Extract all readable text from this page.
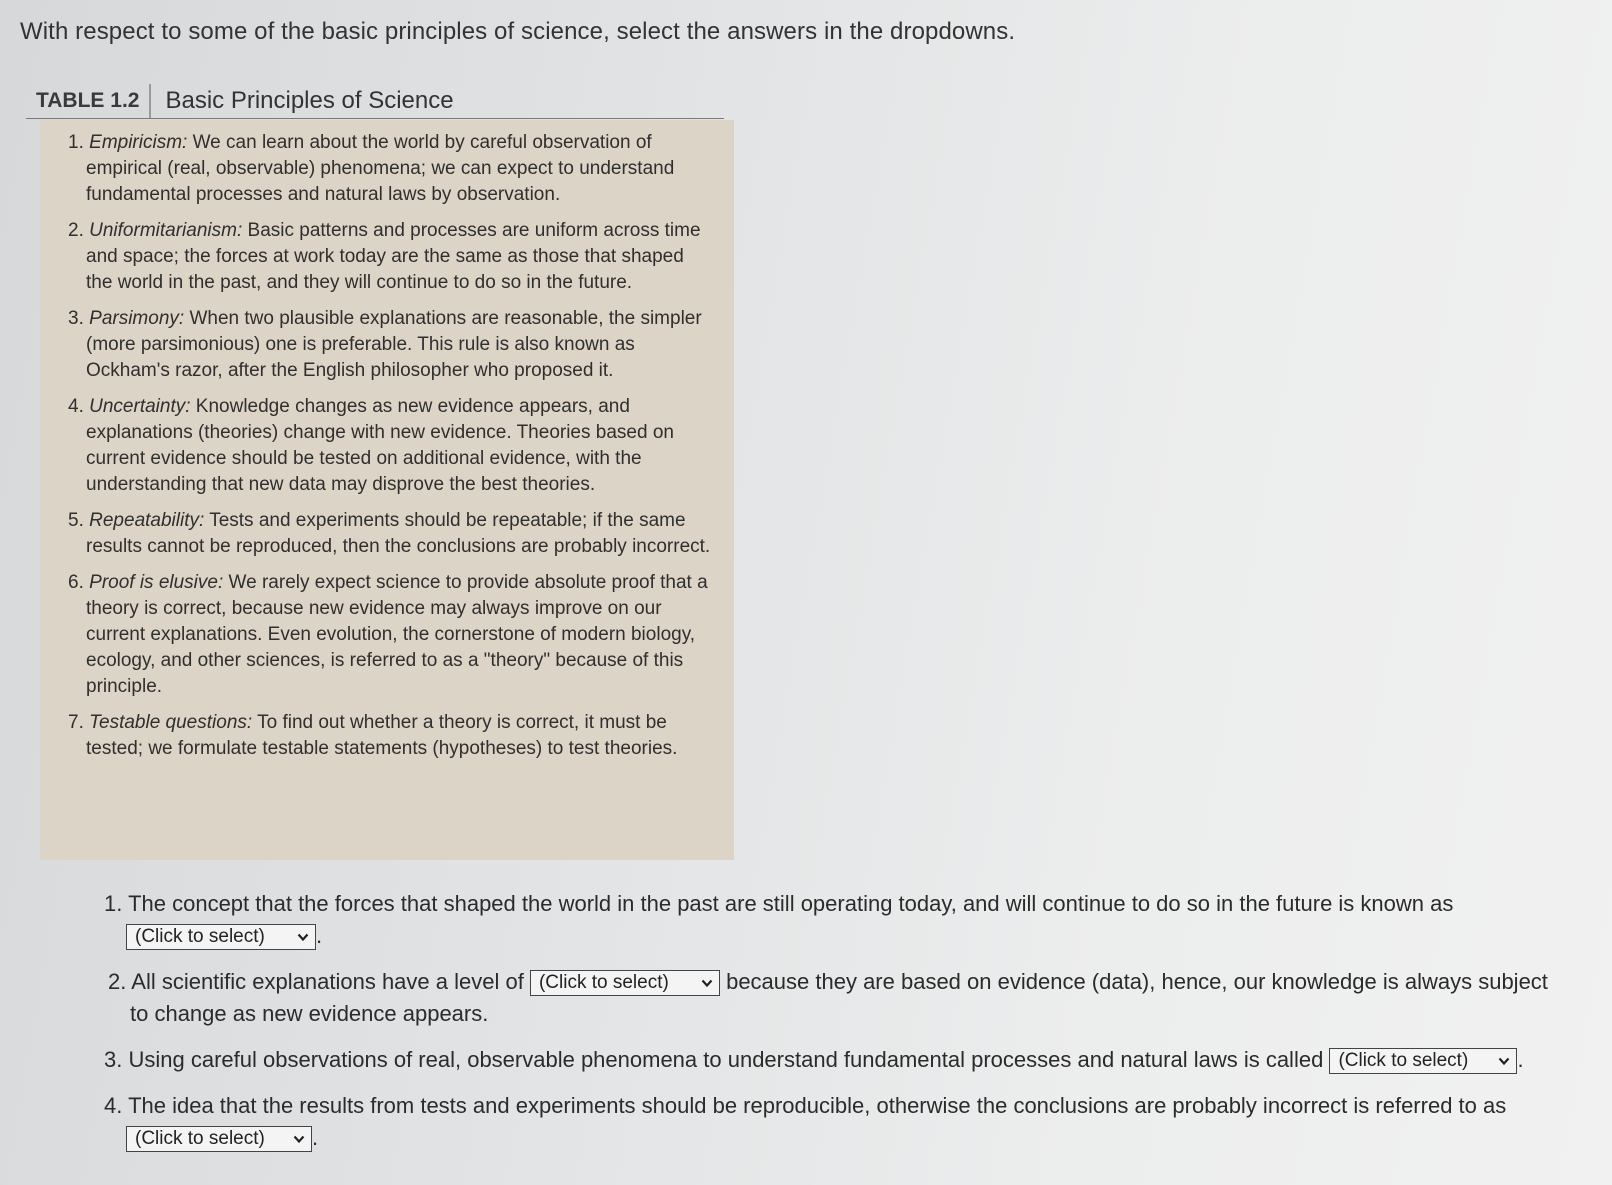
With respect to some of the basic principles of science, select the answers in the dropdowns.
TABLE 1.2	Basic Principles of Science
1. Empiricism: We can learn about the world by careful observation of empirical (real, observable) phenomena; we can expect to understand fundamental processes and natural laws by observation.
2. Uniformitarianism: Basic patterns and processes are uniform across time and space; the forces at work today are the same as those that shaped the world in the past, and they will continue to do so in the future.
3. Parsimony: When two plausible explanations are reasonable, the simpler (more parsimonious) one is preferable. This rule is also known as Ockham's razor, after the English philosopher who proposed it.
4. Uncertainty: Knowledge changes as new evidence appears, and explanations (theories) change with new evidence. Theories based on current evidence should be tested on additional evidence, with the understanding that new data may disprove the best theories.
5. Repeatability: Tests and experiments should be repeatable; if the same results cannot be reproduced, then the conclusions are probably incorrect.
6. Proof is elusive: We rarely expect science to provide absolute proof that a theory is correct, because new evidence may always improve on our current explanations. Even evolution, the cornerstone of modern biology, ecology, and other sciences, is referred to as a "theory" because of this principle.
7. Testable questions: To find out whether a theory is correct, it must be tested; we formulate testable statements (hypotheses) to test theories.
1. The concept that the forces that shaped the world in the past are still operating today, and will continue to do so in the future is known as
(Click to select) .
2. All scientific explanations have a level of (Click to select)	because they are based on evidence (data), hence, our knowledge is always subject to change as new evidence appears.
3. Using careful observations of real, observable phenomena to understand fundamental processes and natural laws is called (Click to select) .
4. The idea that the results from tests and experiments should be reproducible, otherwise the conclusions are probably incorrect is referred to as
(Click to select) .
